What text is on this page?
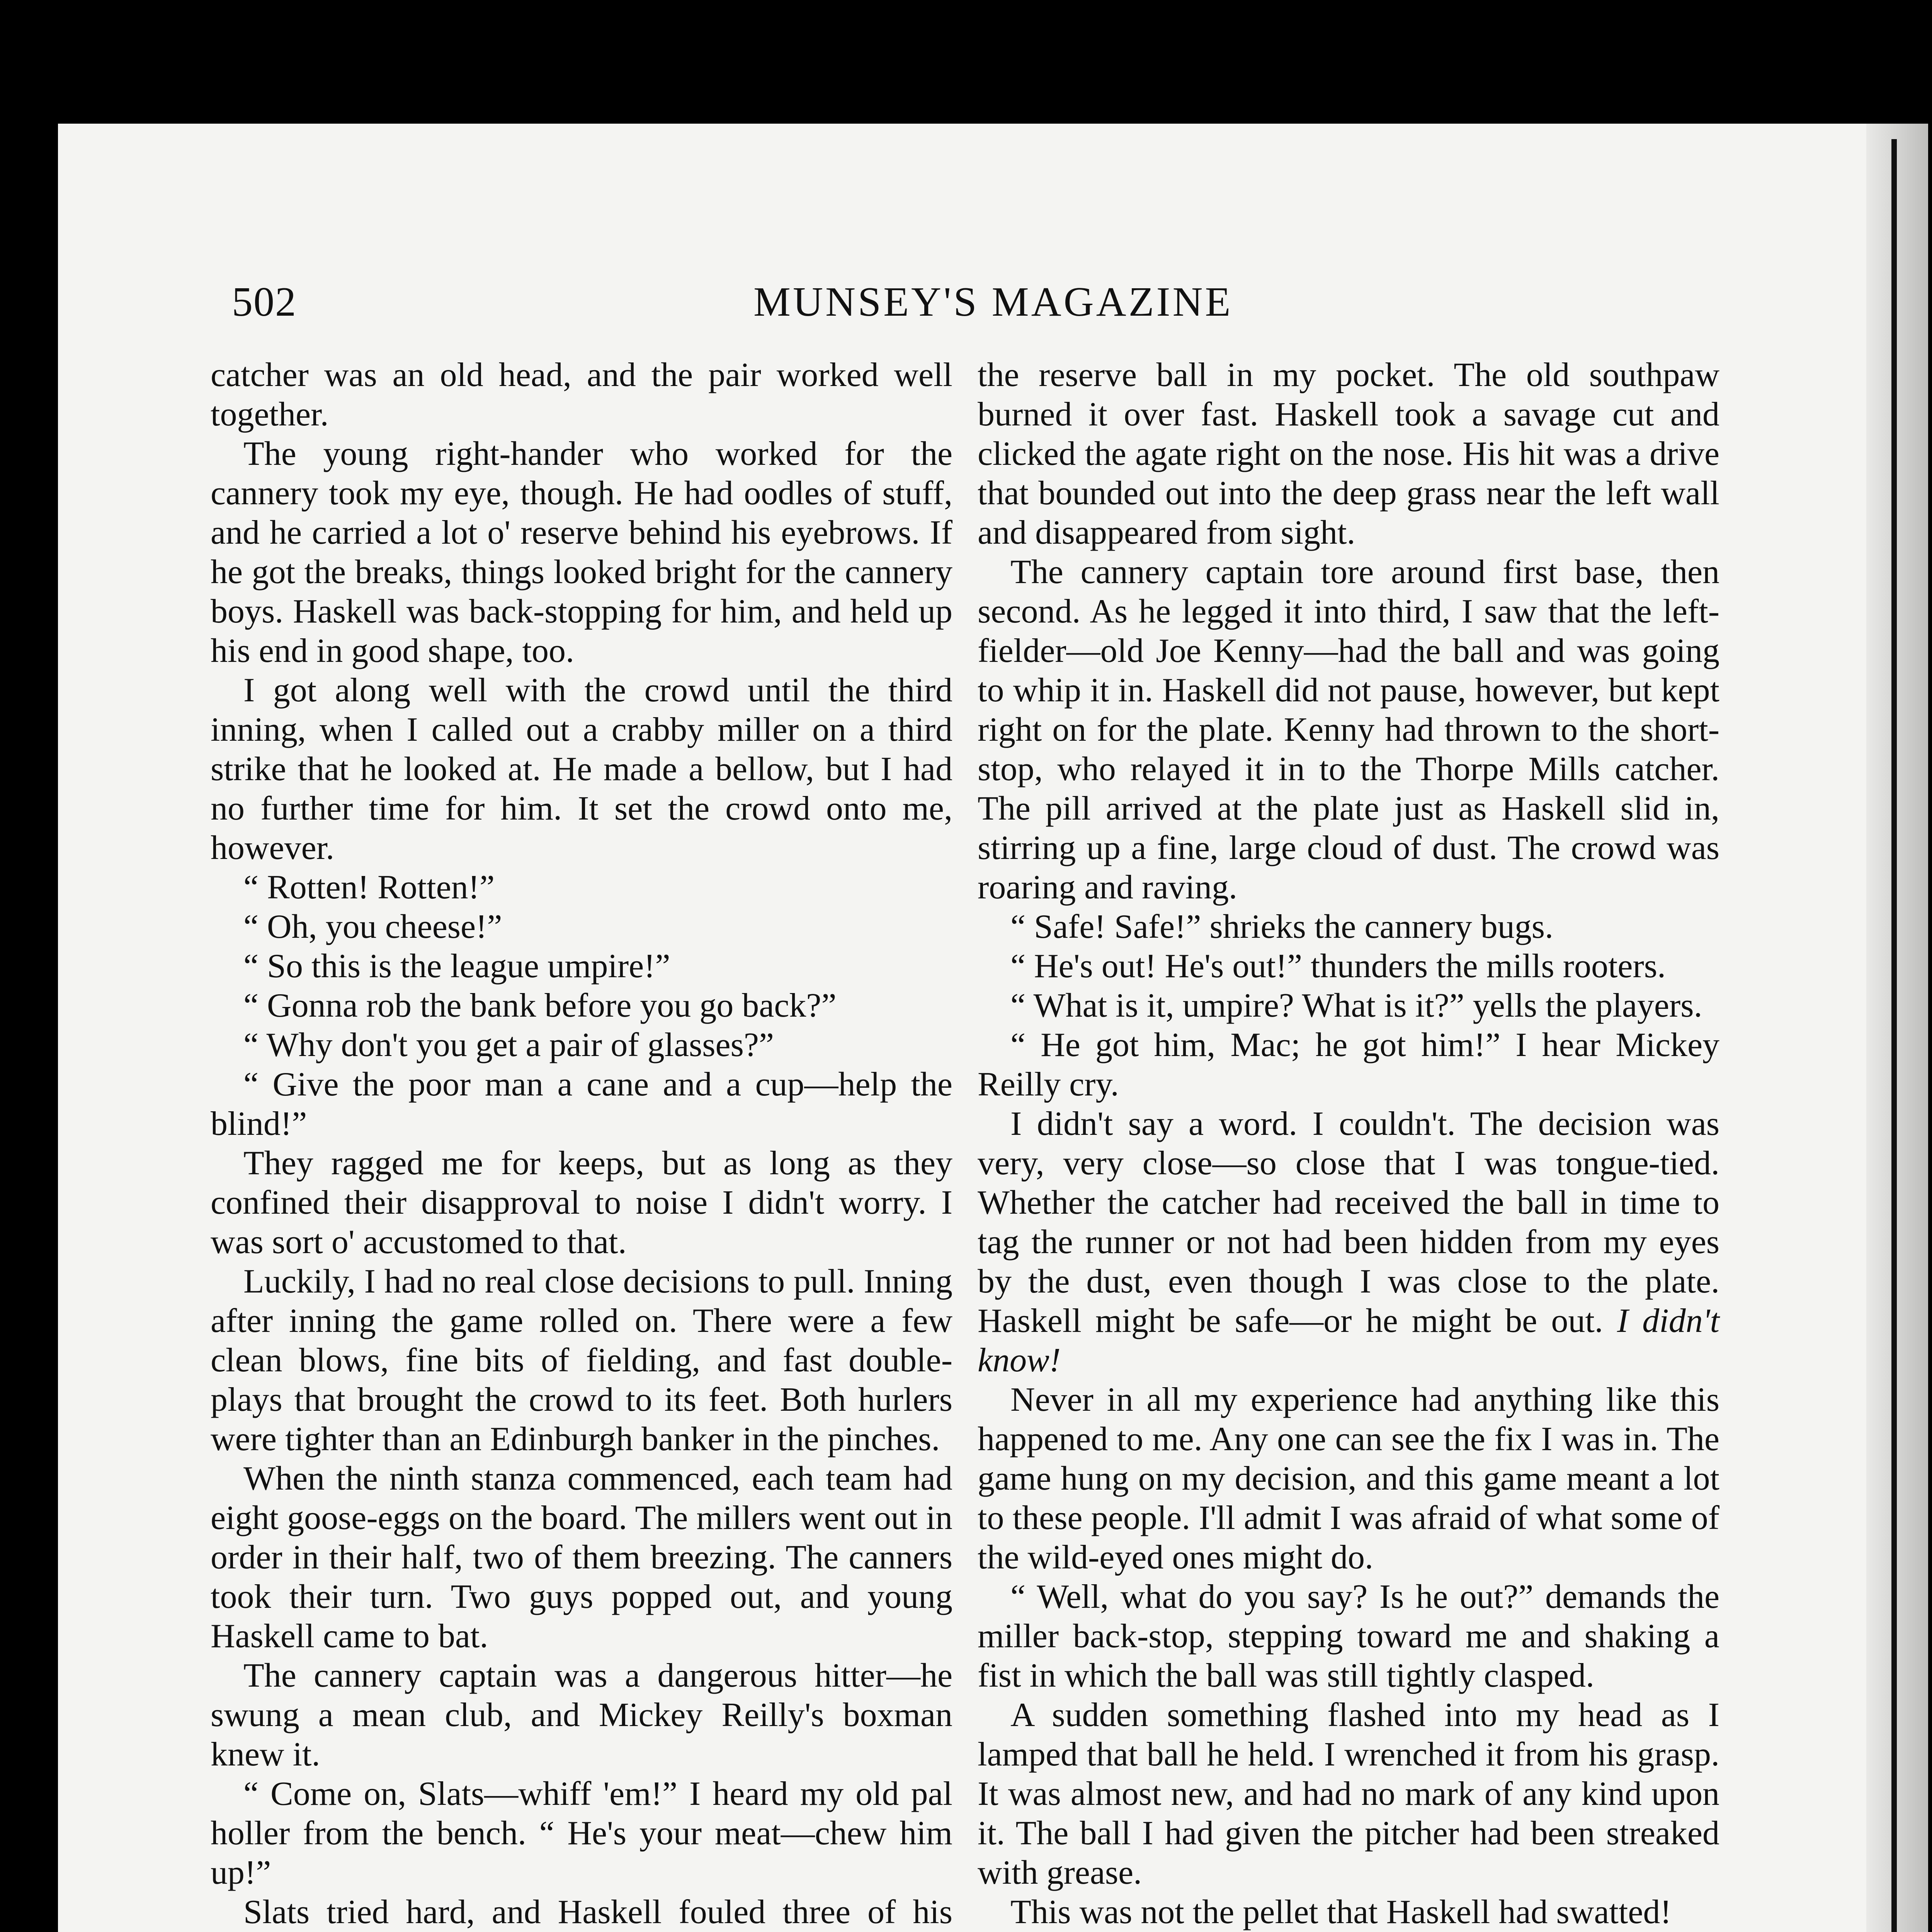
502	MUNSEY'S MAGAZINE

catcher was an old head, and the pair worked well together.

The young right-hander who worked for the cannery took my eye, though. He had oodles of stuff, and he carried a lot o' reserve behind his eyebrows. If he got the breaks, things looked bright for the cannery boys. Haskell was back-stopping for him, and held up his end in good shape, too.

I got along well with the crowd until the third inning, when I called out a crabby miller on a third strike that he looked at. He made a bellow, but I had no further time for him. It set the crowd onto me, however.

“ Rotten! Rotten!”

“ Oh, you cheese!”

“ So this is the league umpire!”

“ Gonna rob the bank before you go back?”

“ Why don't you get a pair of glasses?”

“ Give the poor man a cane and a cup—help the blind!”

They ragged me for keeps, but as long as they confined their disapproval to noise I didn't worry. I was sort o' accustomed to that.

Luckily, I had no real close decisions to pull. Inning after inning the game rolled on. There were a few clean blows, fine bits of fielding, and fast double-plays that brought the crowd to its feet. Both hurlers were tighter than an Edinburgh banker in the pinches.

When the ninth stanza commenced, each team had eight goose-eggs on the board. The millers went out in order in their half, two of them breezing. The canners took their turn. Two guys popped out, and young Haskell came to bat.

The cannery captain was a dangerous hitter—he swung a mean club, and Mickey Reilly's boxman knew it.

“ Come on, Slats—whiff 'em!” I heard my old pal holler from the bench. “ He's your meat—chew him up!”

Slats tried hard, and Haskell fouled three of his

the reserve ball in my pocket. The old southpaw burned it over fast. Haskell took a savage cut and clicked the agate right on the nose. His hit was a drive that bounded out into the deep grass near the left wall and disappeared from sight.

The cannery captain tore around first base, then second. As he legged it into third, I saw that the left-fielder—old Joe Kenny—had the ball and was going to whip it in. Haskell did not pause, however, but kept right on for the plate. Kenny had thrown to the short-stop, who relayed it in to the Thorpe Mills catcher. The pill arrived at the plate just as Haskell slid in, stirring up a fine, large cloud of dust. The crowd was roaring and raving.

“ Safe! Safe!” shrieks the cannery bugs.

“ He's out! He's out!” thunders the mills rooters.

“ What is it, umpire? What is it?” yells the players.

“ He got him, Mac; he got him!” I hear Mickey Reilly cry.

I didn't say a word. I couldn't. The decision was very, very close—so close that I was tongue-tied. Whether the catcher had received the ball in time to tag the runner or not had been hidden from my eyes by the dust, even though I was close to the plate. Haskell might be safe—or he might be out. I didn't know!

Never in all my experience had anything like this happened to me. Any one can see the fix I was in. The game hung on my decision, and this game meant a lot to these people. I'll admit I was afraid of what some of the wild-eyed ones might do.

“ Well, what do you say? Is he out?” demands the miller back-stop, stepping toward me and shaking a fist in which the ball was still tightly clasped.

A sudden something flashed into my head as I lamped that ball he held. I wrenched it from his grasp. It was almost new, and had no mark of any kind upon it. The ball I had given the pitcher had been streaked with grease.

This was not the pellet that Haskell had swatted!
